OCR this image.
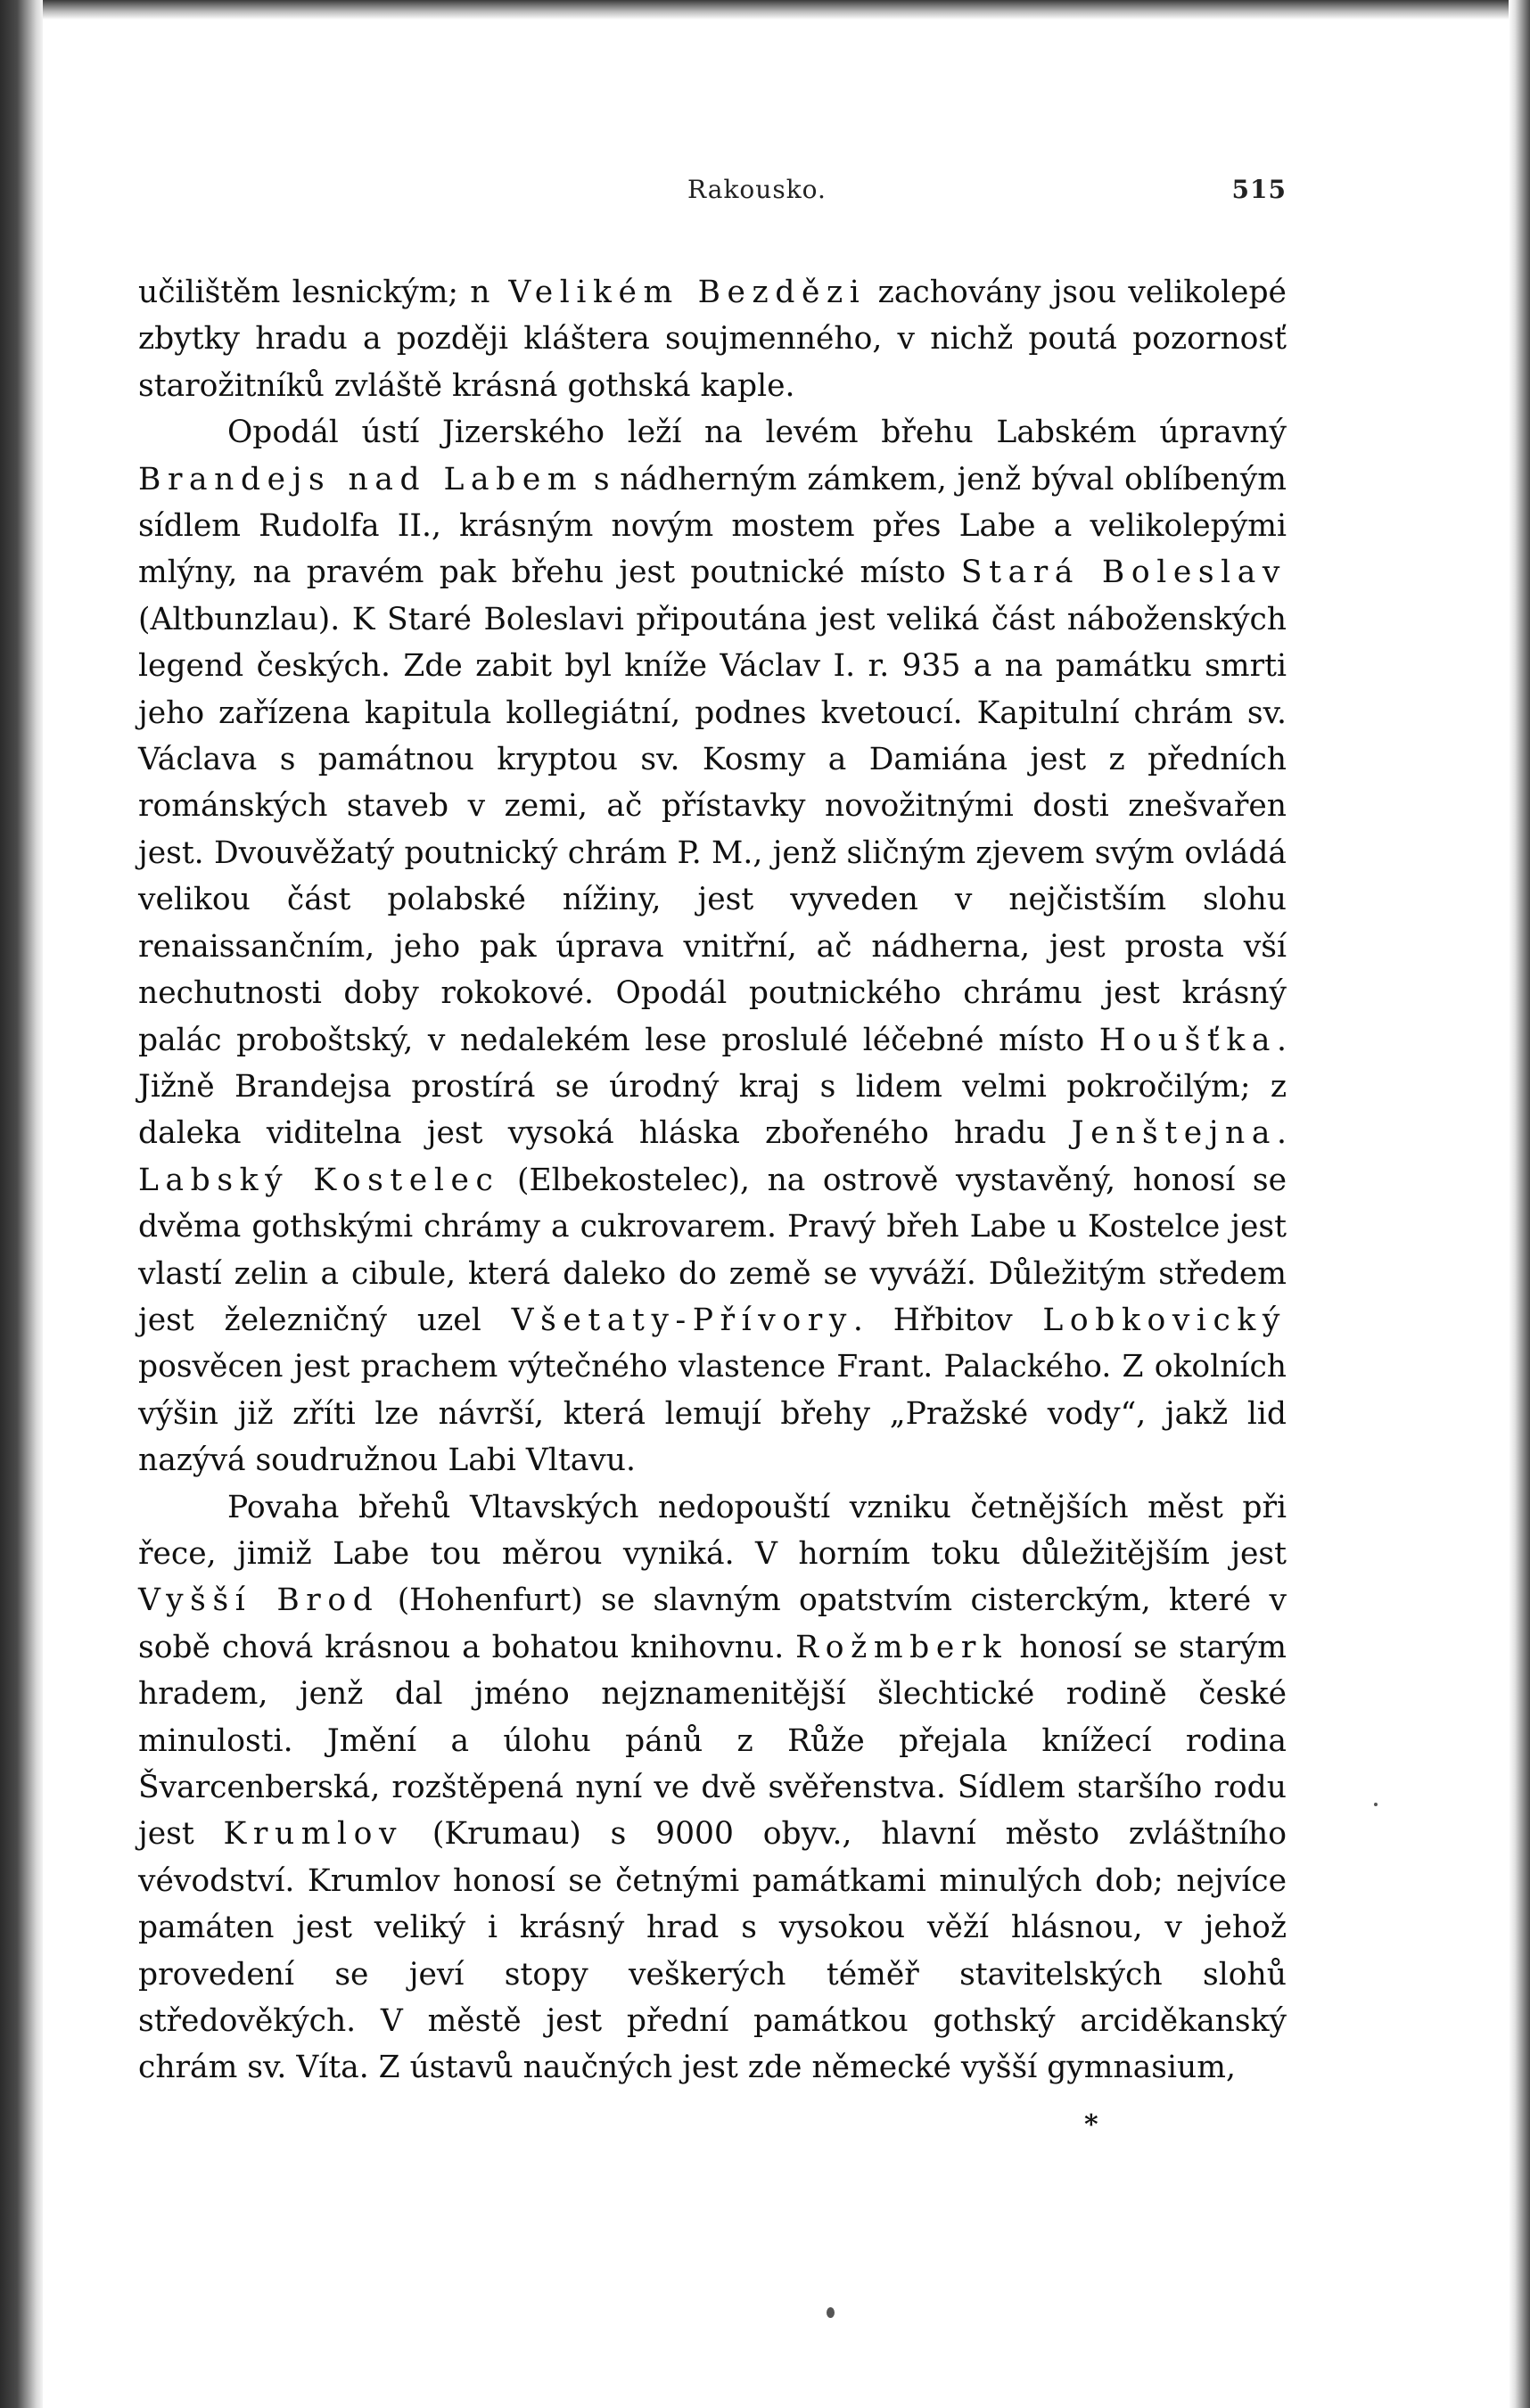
Rakousko.	515

učilištěm lesnickým; n Velikém Bezdězi zachovány jsou velikolepé zbytky hradu a později kláštera soujmenného, v nichž poutá pozornosť starožitníků zvláště krásná gothská kaple.

Opodál ústí Jizerského leží na levém břehu Labském úpravný Brandejs nad Labem s nádherným zámkem, jenž býval oblíbeným sídlem Rudolfa II., krásným novým mostem přes Labe a velikolepými mlýny, na pravém pak břehu jest poutnické místo Stará Boleslav (Altbunzlau). K Staré Boleslavi připoutána jest veliká část náboženských legend českých. Zde zabit byl kníže Václav I. r. 935 a na památku smrti jeho zařízena kapitula kollegiátní, podnes kvetoucí. Kapitulní chrám sv. Václava s památnou kryptou sv. Kosmy a Damiána jest z předních románských staveb v zemi, ač přístavky novožitnými dosti znešvařen jest. Dvouvěžatý poutnický chrám P. M., jenž sličným zjevem svým ovládá velikou část polabské nížiny, jest vyveden v nejčistším slohu renaissančním, jeho pak úprava vnitřní, ač nádherna, jest prosta vší nechutnosti doby rokokové. Opodál poutnického chrámu jest krásný palác proboštský, v nedalekém lese proslulé léčebné místo Houšťka. Jižně Brandejsa prostírá se úrodný kraj s lidem velmi pokročilým; z daleka viditelna jest vysoká hláska zbořeného hradu Jenštejna. Labský Kostelec (Elbekostelec), na ostrově vystavěný, honosí se dvěma gothskými chrámy a cukrovarem. Pravý břeh Labe u Kostelce jest vlastí zelin a cibule, která daleko do země se vyváží. Důležitým středem jest železničný uzel Všetaty-Přívory. Hřbitov Lobkovický posvěcen jest prachem výtečného vlastence Frant. Palackého. Z okolních výšin již zříti lze návrší, která lemují břehy „Pražské vody“, jakž lid nazývá soudružnou Labi Vltavu.

Povaha břehů Vltavských nedopouští vzniku četnějších měst při řece, jimiž Labe tou měrou vyniká. V horním toku důležitějším jest Vyšší Brod (Hohenfurt) se slavným opatstvím cisterckým, které v sobě chová krásnou a bohatou knihovnu. Rožmberk honosí se starým hradem, jenž dal jméno nejznamenitější šlechtické rodině české minulosti. Jmění a úlohu pánů z Růže přejala knížecí rodina Švarcenberská, rozštěpená nyní ve dvě svěřenstva. Sídlem staršího rodu jest Krumlov (Krumau) s 9000 obyv., hlavní město zvláštního vévodství. Krumlov honosí se četnými památkami minulých dob; nejvíce památen jest veliký i krásný hrad s vysokou věží hlásnou, v jehož provedení se jeví stopy veškerých téměř stavitelských slohů středověkých. V městě jest přední památkou gothský arciděkanský chrám sv. Víta. Z ústavů naučných jest zde německé vyšší gymnasium,

*
